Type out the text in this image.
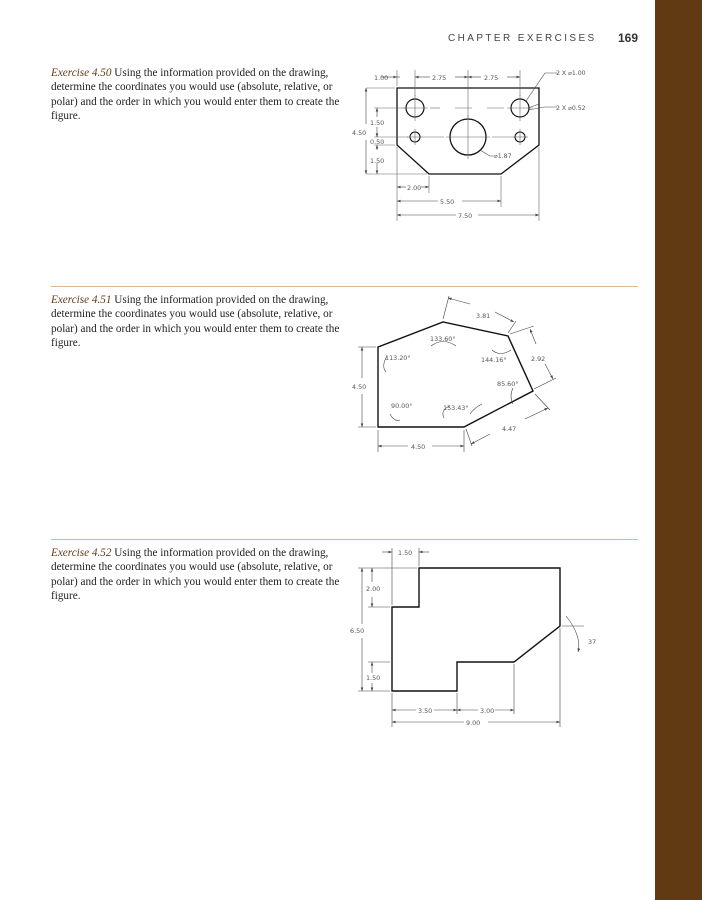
CHAPTER EXERCISES 169
Exercise 4.50 Using the information provided on the drawing, determine the coordinates you would use (absolute, relative, or polar) and the order in which you would enter them to create the figure.
Exercise 4.51 Using the information provided on the drawing, determine the coordinates you would use (absolute, relative, or polar) and the order in which you would enter them to create the figure.
Exercise 4.52 Using the information provided on the drawing, determine the coordinates you would use (absolute, relative, or polar) and the order in which you would enter them to create the figure.
1.00	2.75	2.75
2 X ⌀1.00
2 X ⌀0.52
⌀1.87
1.50
4.50
0.50
1.50
2.00
5.50
7.50
3.81
133.60°
113.20°	144.16°	2.92
4.50	85.60°
90.00°	153.43°
4.47
4.50
1.50
2.00
6.50
37
1.50
3.50	3.00
9.00
